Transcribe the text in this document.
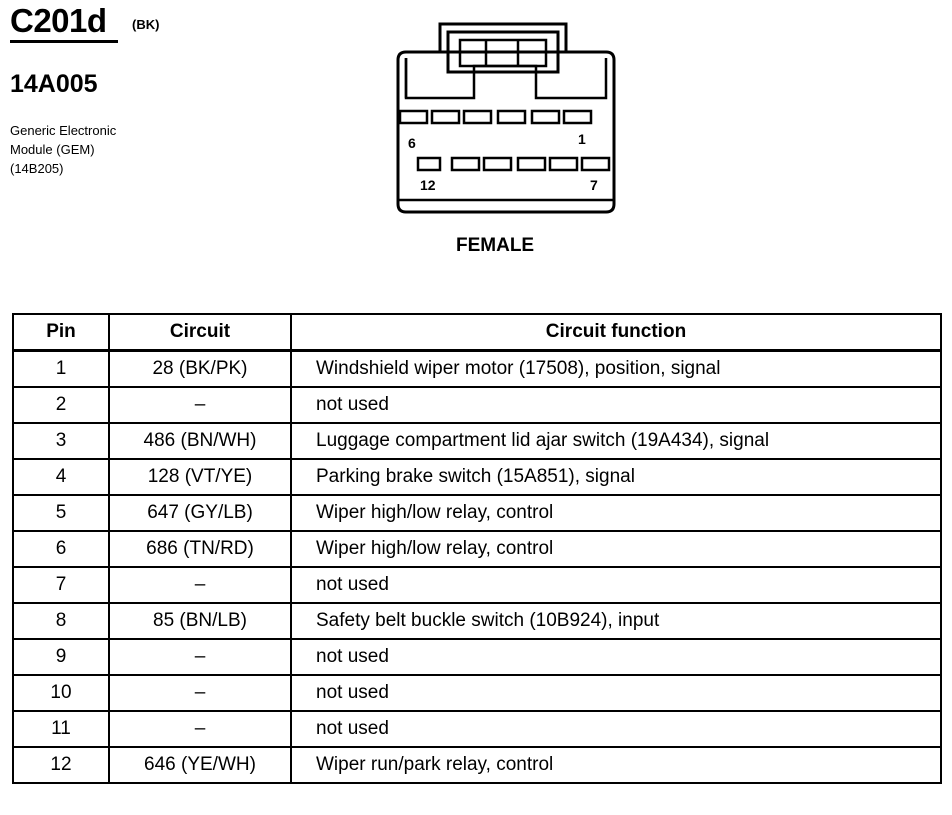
C201d (BK)
14A005
Generic Electronic
Module (GEM)
(14B205)
6	1
12	7
FEMALE
Pin	Circuit	Circuit function
1	28 (BK/PK)	Windshield wiper motor (17508), position, signal
2	–	not used
3	486 (BN/WH)	Luggage compartment lid ajar switch (19A434), signal
4	128 (VT/YE)	Parking brake switch (15A851), signal
5	647 (GY/LB)	Wiper high/low relay, control
6	686 (TN/RD)	Wiper high/low relay, control
7	–	not used
8	85 (BN/LB)	Safety belt buckle switch (10B924), input
9	–	not used
10	–	not used
11	–	not used
12	646 (YE/WH)	Wiper run/park relay, control
